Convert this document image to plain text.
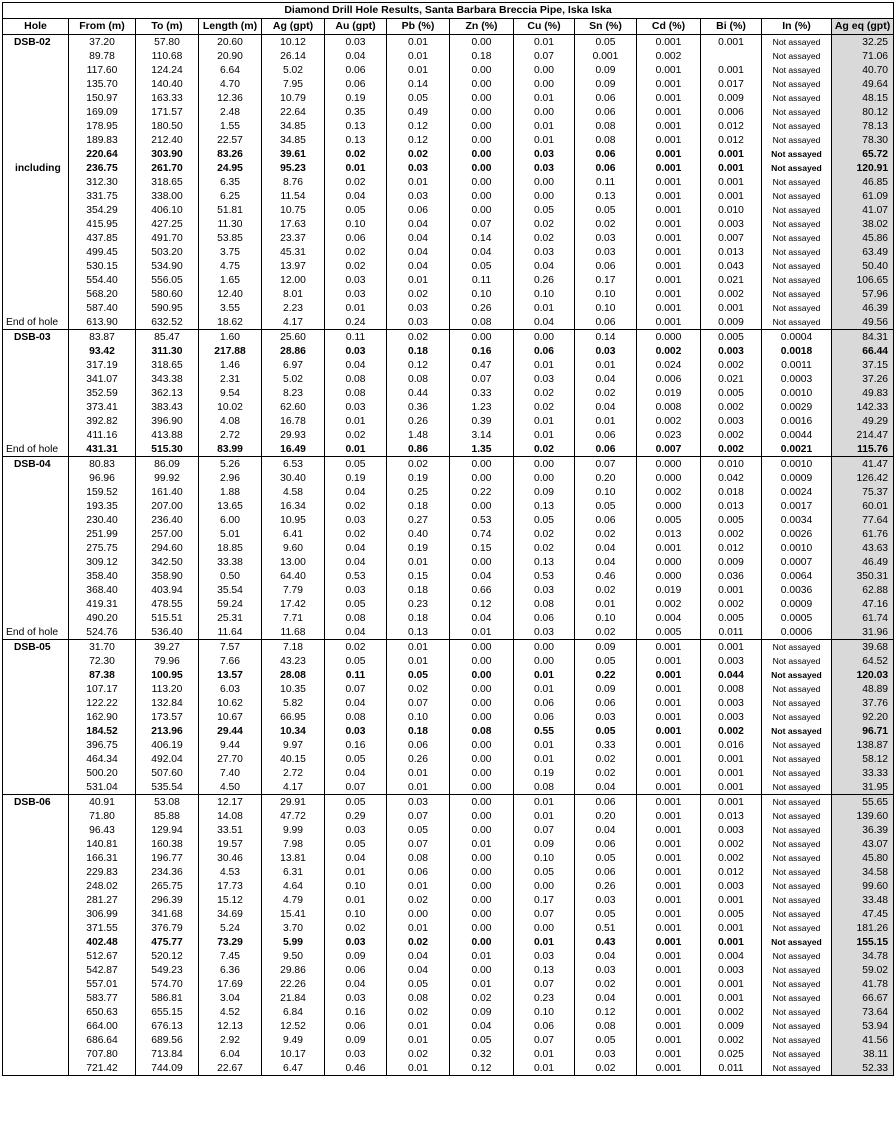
Diamond Drill Hole Results, Santa Barbara Breccia Pipe, Iska Iska													
Hole	From (m)	To (m)	Length (m)	Ag (gpt)	Au (gpt)	Pb (%)	Zn (%)	Cu (%)	Sn (%)	Cd (%)	Bi (%)	In (%)	Ag eq (gpt)
DSB-02	37.20	57.80	20.60	10.12	0.03	0.01	0.00	0.01	0.05	0.001	0.001	Not assayed	32.25
	89.78	110.68	20.90	26.14	0.04	0.01	0.18	0.07	0.001	0.002		Not assayed	71.06
	117.60	124.24	6.64	5.02	0.06	0.01	0.00	0.00	0.09	0.001	0.001	Not assayed	40.70
	135.70	140.40	4.70	7.95	0.06	0.14	0.00	0.00	0.09	0.001	0.017	Not assayed	49.64
	150.97	163.33	12.36	10.79	0.19	0.05	0.00	0.01	0.06	0.001	0.009	Not assayed	48.15
	169.09	171.57	2.48	22.64	0.35	0.49	0.00	0.00	0.06	0.001	0.006	Not assayed	80.12
	178.95	180.50	1.55	34.85	0.13	0.12	0.00	0.01	0.08	0.001	0.012	Not assayed	78.13
	189.83	212.40	22.57	34.85	0.13	0.12	0.00	0.01	0.08	0.001	0.012	Not assayed	78.30
	220.64	303.90	83.26	39.61	0.02	0.02	0.00	0.03	0.06	0.001	0.001	Not assayed	65.72
including	236.75	261.70	24.95	95.23	0.01	0.03	0.00	0.03	0.06	0.001	0.001	Not assayed	120.91
	312.30	318.65	6.35	8.76	0.02	0.01	0.00	0.00	0.11	0.001	0.001	Not assayed	46.85
	331.75	338.00	6.25	11.54	0.04	0.03	0.00	0.00	0.13	0.001	0.001	Not assayed	61.09
	354.29	406.10	51.81	10.75	0.05	0.06	0.00	0.05	0.05	0.001	0.010	Not assayed	41.07
	415.95	427.25	11.30	17.63	0.10	0.04	0.07	0.02	0.02	0.001	0.003	Not assayed	38.02
	437.85	491.70	53.85	23.37	0.06	0.04	0.14	0.02	0.03	0.001	0.007	Not assayed	45.86
	499.45	503.20	3.75	45.31	0.02	0.04	0.04	0.03	0.03	0.001	0.013	Not assayed	63.49
	530.15	534.90	4.75	13.97	0.02	0.04	0.05	0.04	0.06	0.001	0.043	Not assayed	50.40
	554.40	556.05	1.65	12.00	0.03	0.01	0.11	0.26	0.17	0.001	0.021	Not assayed	106.65
	568.20	580.60	12.40	8.01	0.03	0.02	0.10	0.10	0.10	0.001	0.002	Not assayed	57.96
	587.40	590.95	3.55	2.23	0.01	0.03	0.26	0.01	0.10	0.001	0.001	Not assayed	46.39
End of hole	613.90	632.52	18.62	4.17	0.24	0.03	0.08	0.04	0.06	0.001	0.009	Not assayed	49.56
DSB-03	83.87	85.47	1.60	25.60	0.11	0.02	0.00	0.00	0.14	0.000	0.005	0.0004	84.31
	93.42	311.30	217.88	28.86	0.03	0.18	0.16	0.06	0.03	0.002	0.003	0.0018	66.44
	317.19	318.65	1.46	6.97	0.04	0.12	0.47	0.01	0.01	0.024	0.002	0.0011	37.15
	341.07	343.38	2.31	5.02	0.08	0.08	0.07	0.03	0.04	0.006	0.021	0.0003	37.26
	352.59	362.13	9.54	8.23	0.08	0.44	0.33	0.02	0.02	0.019	0.005	0.0010	49.83
	373.41	383.43	10.02	62.60	0.03	0.36	1.23	0.02	0.04	0.008	0.002	0.0029	142.33
	392.82	396.90	4.08	16.78	0.01	0.26	0.39	0.01	0.01	0.002	0.003	0.0016	49.29
	411.16	413.88	2.72	29.93	0.02	1.48	3.14	0.01	0.06	0.023	0.002	0.0044	214.47
End of hole	431.31	515.30	83.99	16.49	0.01	0.86	1.35	0.02	0.06	0.007	0.002	0.0021	115.76
DSB-04	80.83	86.09	5.26	6.53	0.05	0.02	0.00	0.00	0.07	0.000	0.010	0.0010	41.47
	96.96	99.92	2.96	30.40	0.19	0.19	0.00	0.00	0.20	0.000	0.042	0.0009	126.42
	159.52	161.40	1.88	4.58	0.04	0.25	0.22	0.09	0.10	0.002	0.018	0.0024	75.37
	193.35	207.00	13.65	16.34	0.02	0.18	0.00	0.13	0.05	0.000	0.013	0.0017	60.01
	230.40	236.40	6.00	10.95	0.03	0.27	0.53	0.05	0.06	0.005	0.005	0.0034	77.64
	251.99	257.00	5.01	6.41	0.02	0.40	0.74	0.02	0.02	0.013	0.002	0.0026	61.76
	275.75	294.60	18.85	9.60	0.04	0.19	0.15	0.02	0.04	0.001	0.012	0.0010	43.63
	309.12	342.50	33.38	13.00	0.04	0.01	0.00	0.13	0.04	0.000	0.009	0.0007	46.49
	358.40	358.90	0.50	64.40	0.53	0.15	0.04	0.53	0.46	0.000	0.036	0.0064	350.31
	368.40	403.94	35.54	7.79	0.03	0.18	0.66	0.03	0.02	0.019	0.001	0.0036	62.88
	419.31	478.55	59.24	17.42	0.05	0.23	0.12	0.08	0.01	0.002	0.002	0.0009	47.16
	490.20	515.51	25.31	7.71	0.08	0.18	0.04	0.06	0.10	0.004	0.005	0.0005	61.74
End of hole	524.76	536.40	11.64	11.68	0.04	0.13	0.01	0.03	0.02	0.005	0.011	0.0006	31.96
DSB-05	31.70	39.27	7.57	7.18	0.02	0.01	0.00	0.00	0.09	0.001	0.001	Not assayed	39.68
	72.30	79.96	7.66	43.23	0.05	0.01	0.00	0.00	0.05	0.001	0.003	Not assayed	64.52
	87.38	100.95	13.57	28.08	0.11	0.05	0.00	0.01	0.22	0.001	0.044	Not assayed	120.03
	107.17	113.20	6.03	10.35	0.07	0.02	0.00	0.01	0.09	0.001	0.008	Not assayed	48.89
	122.22	132.84	10.62	5.82	0.04	0.07	0.00	0.06	0.06	0.001	0.003	Not assayed	37.76
	162.90	173.57	10.67	66.95	0.08	0.10	0.00	0.06	0.03	0.001	0.003	Not assayed	92.20
	184.52	213.96	29.44	10.34	0.03	0.18	0.08	0.55	0.05	0.001	0.002	Not assayed	96.71
	396.75	406.19	9.44	9.97	0.16	0.06	0.00	0.01	0.33	0.001	0.016	Not assayed	138.87
	464.34	492.04	27.70	40.15	0.05	0.26	0.00	0.01	0.02	0.001	0.001	Not assayed	58.12
	500.20	507.60	7.40	2.72	0.04	0.01	0.00	0.19	0.02	0.001	0.001	Not assayed	33.33
	531.04	535.54	4.50	4.17	0.07	0.01	0.00	0.08	0.04	0.001	0.001	Not assayed	31.95
DSB-06	40.91	53.08	12.17	29.91	0.05	0.03	0.00	0.01	0.06	0.001	0.001	Not assayed	55.65
	71.80	85.88	14.08	47.72	0.29	0.07	0.00	0.01	0.20	0.001	0.013	Not assayed	139.60
	96.43	129.94	33.51	9.99	0.03	0.05	0.00	0.07	0.04	0.001	0.003	Not assayed	36.39
	140.81	160.38	19.57	7.98	0.05	0.07	0.01	0.09	0.06	0.001	0.002	Not assayed	43.07
	166.31	196.77	30.46	13.81	0.04	0.08	0.00	0.10	0.05	0.001	0.002	Not assayed	45.80
	229.83	234.36	4.53	6.31	0.01	0.06	0.00	0.05	0.06	0.001	0.012	Not assayed	34.58
	248.02	265.75	17.73	4.64	0.10	0.01	0.00	0.00	0.26	0.001	0.003	Not assayed	99.60
	281.27	296.39	15.12	4.79	0.01	0.02	0.00	0.17	0.03	0.001	0.001	Not assayed	33.48
	306.99	341.68	34.69	15.41	0.10	0.00	0.00	0.07	0.05	0.001	0.005	Not assayed	47.45
	371.55	376.79	5.24	3.70	0.02	0.01	0.00	0.00	0.51	0.001	0.001	Not assayed	181.26
	402.48	475.77	73.29	5.99	0.03	0.02	0.00	0.01	0.43	0.001	0.001	Not assayed	155.15
	512.67	520.12	7.45	9.50	0.09	0.04	0.01	0.03	0.04	0.001	0.004	Not assayed	34.78
	542.87	549.23	6.36	29.86	0.06	0.04	0.00	0.13	0.03	0.001	0.003	Not assayed	59.02
	557.01	574.70	17.69	22.26	0.04	0.05	0.01	0.07	0.02	0.001	0.001	Not assayed	41.78
	583.77	586.81	3.04	21.84	0.03	0.08	0.02	0.23	0.04	0.001	0.001	Not assayed	66.67
	650.63	655.15	4.52	6.84	0.16	0.02	0.09	0.10	0.12	0.001	0.002	Not assayed	73.64
	664.00	676.13	12.13	12.52	0.06	0.01	0.04	0.06	0.08	0.001	0.009	Not assayed	53.94
	686.64	689.56	2.92	9.49	0.09	0.01	0.05	0.07	0.05	0.001	0.002	Not assayed	41.56
	707.80	713.84	6.04	10.17	0.03	0.02	0.32	0.01	0.03	0.001	0.025	Not assayed	38.11
	721.42	744.09	22.67	6.47	0.46	0.01	0.12	0.01	0.02	0.001	0.011	Not assayed	52.33
